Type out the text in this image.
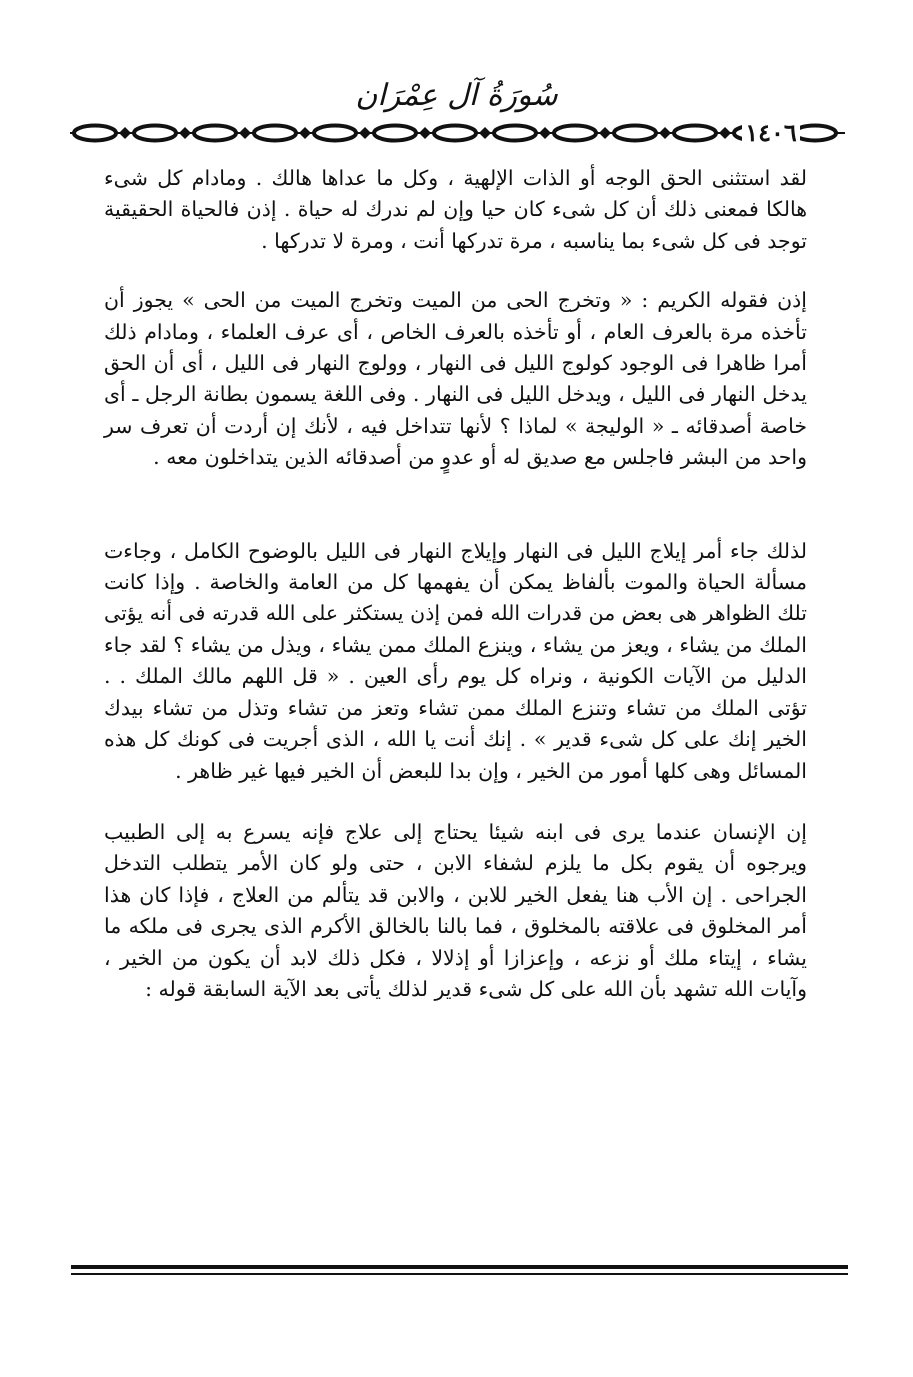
سُورَةُ آل عِمْرَان
١٤٠٦

لقد استثنى الحق الوجه أو الذات الإلهية ، وكل ما عداها هالك . ومادام كل شىء هالكا فمعنى ذلك أن كل شىء كان حيا وإن لم ندرك له حياة . إذن فالحياة الحقيقية توجد فى كل شىء بما يناسبه ، مرة تدركها أنت ، ومرة لا تدركها .

إذن فقوله الكريم : « وتخرج الحى من الميت وتخرج الميت من الحى » يجوز أن تأخذه مرة بالعرف العام ، أو تأخذه بالعرف الخاص ، أى عرف العلماء ، ومادام ذلك أمرا ظاهرا فى الوجود كولوج الليل فى النهار ، وولوج النهار فى الليل ، أى أن الحق يدخل النهار فى الليل ، ويدخل الليل فى النهار . وفى اللغة يسمون بطانة الرجل ـ أى خاصة أصدقائه ـ « الوليجة » لماذا ؟ لأنها تتداخل فيه ، لأنك إن أردت أن تعرف سر واحد من البشر فاجلس مع صديق له أو عدوٍ من أصدقائه الذين يتداخلون معه .

لذلك جاء أمر إيلاج الليل فى النهار وإيلاج النهار فى الليل بالوضوح الكامل ، وجاءت مسألة الحياة والموت بألفاظ يمكن أن يفهمها كل من العامة والخاصة . وإذا كانت تلك الظواهر هى بعض من قدرات الله فمن إذن يستكثر على الله قدرته فى أنه يؤتى الملك من يشاء ، ويعز من يشاء ، وينزع الملك ممن يشاء ، ويذل من يشاء ؟ لقد جاء الدليل من الآيات الكونية ، ونراه كل يوم رأى العين . « قل اللهم مالك الملك . . تؤتى الملك من تشاء وتنزع الملك ممن تشاء وتعز من تشاء وتذل من تشاء بيدك الخير إنك على كل شىء قدير » . إنك أنت يا الله ، الذى أجريت فى كونك كل هذه المسائل وهى كلها أمور من الخير ، وإن بدا للبعض أن الخير فيها غير ظاهر .

إن الإنسان عندما يرى فى ابنه شيئا يحتاج إلى علاج فإنه يسرع به إلى الطبيب ويرجوه أن يقوم بكل ما يلزم لشفاء الابن ، حتى ولو كان الأمر يتطلب التدخل الجراحى . إن الأب هنا يفعل الخير للابن ، والابن قد يتألم من العلاج ، فإذا كان هذا أمر المخلوق فى علاقته بالمخلوق ، فما بالنا بالخالق الأكرم الذى يجرى فى ملكه ما يشاء ، إيتاء ملك أو نزعه ، وإعزازا أو إذلالا ، فكل ذلك لابد أن يكون من الخير ، وآيات الله تشهد بأن الله على كل شىء قدير لذلك يأتى بعد الآية السابقة قوله :
